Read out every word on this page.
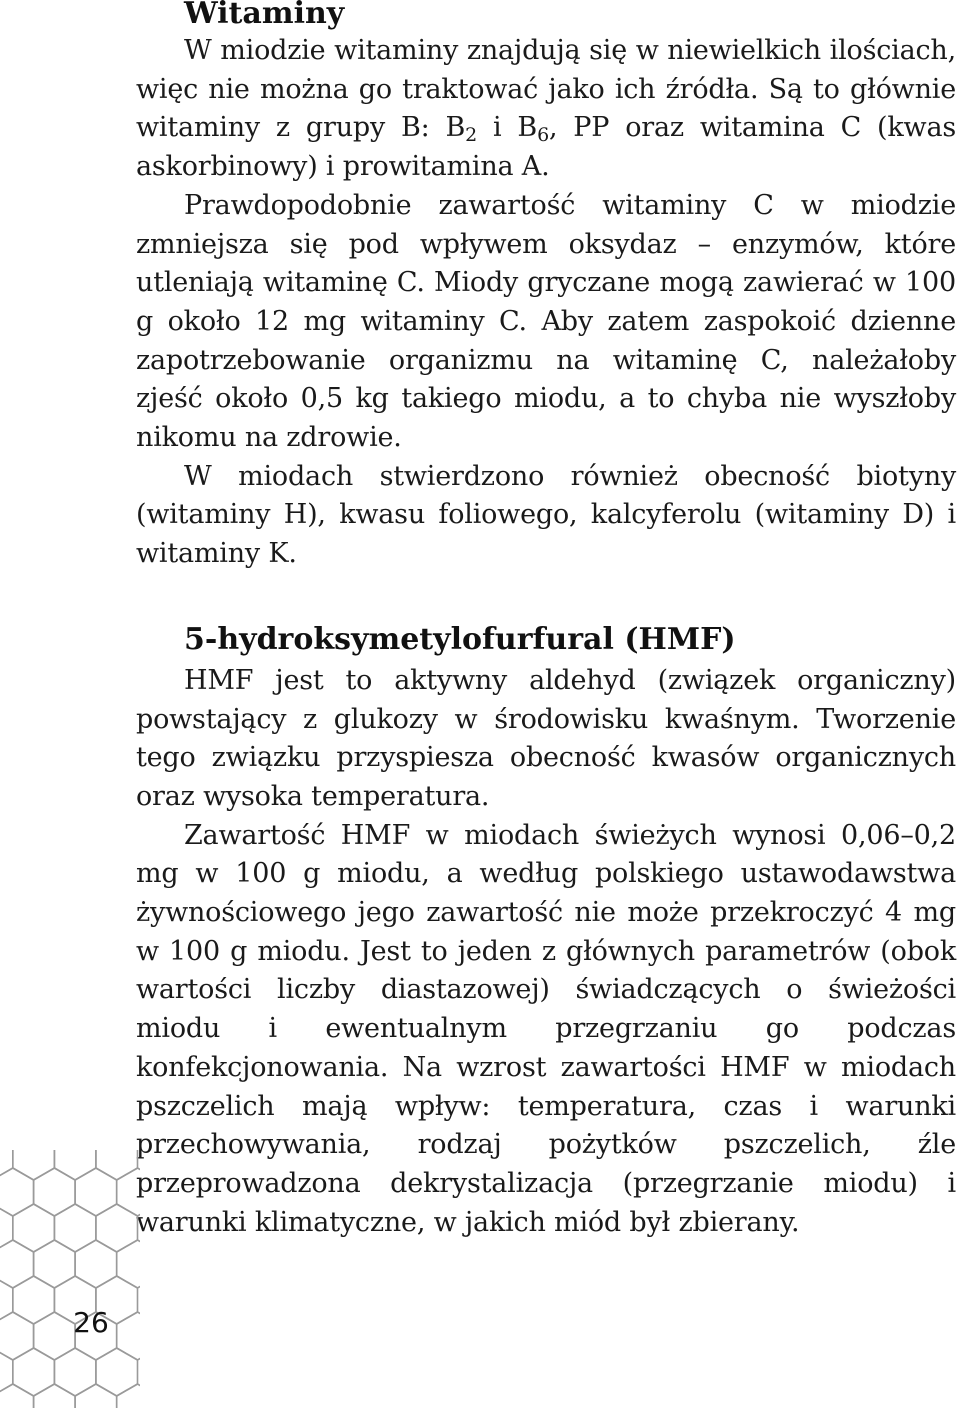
Witaminy

W miodzie witaminy znajdują się w niewielkich ilościach, więc nie można go traktować jako ich źródła. Są to głównie witaminy z grupy B: $B_2$ i $B_6$, PP oraz witamina C (kwas askorbinowy) i prowitamina A.

Prawdopodobnie zawartość witaminy C w miodzie zmniejsza się pod wpływem oksydaz – enzymów, które utleniają witaminę C. Miody gryczane mogą zawierać w 100 g około 12 mg witaminy C. Aby zatem zaspokoić dzienne zapotrzebowanie organizmu na witaminę C, należałoby zjeść około 0,5 kg takiego miodu, a to chyba nie wyszłoby nikomu na zdrowie.

W miodach stwierdzono również obecność biotyny (witaminy H), kwasu foliowego, kalcyferolu (witaminy D) i witaminy K.

5-hydroksymetylofurfural (HMF)

HMF jest to aktywny aldehyd (związek organiczny) powstający z glukozy w środowisku kwaśnym. Tworzenie tego związku przyspiesza obecność kwasów organicznych oraz wysoka temperatura.

Zawartość HMF w miodach świeżych wynosi 0,06–0,2 mg w 100 g miodu, a według polskiego ustawodawstwa żywnościowego jego zawartość nie może przekroczyć 4 mg w 100 g miodu. Jest to jeden z głównych parametrów (obok wartości liczby diastazowej) świadczących o świeżości miodu i ewentualnym przegrzaniu go podczas konfekcjonowania. Na wzrost zawartości HMF w miodach pszczelich mają wpływ: temperatura, czas i warunki przechowywania, rodzaj pożytków pszczelich, źle przeprowadzona dekrystalizacja (przegrzanie miodu) i warunki klimatyczne, w jakich miód był zbierany.

26
